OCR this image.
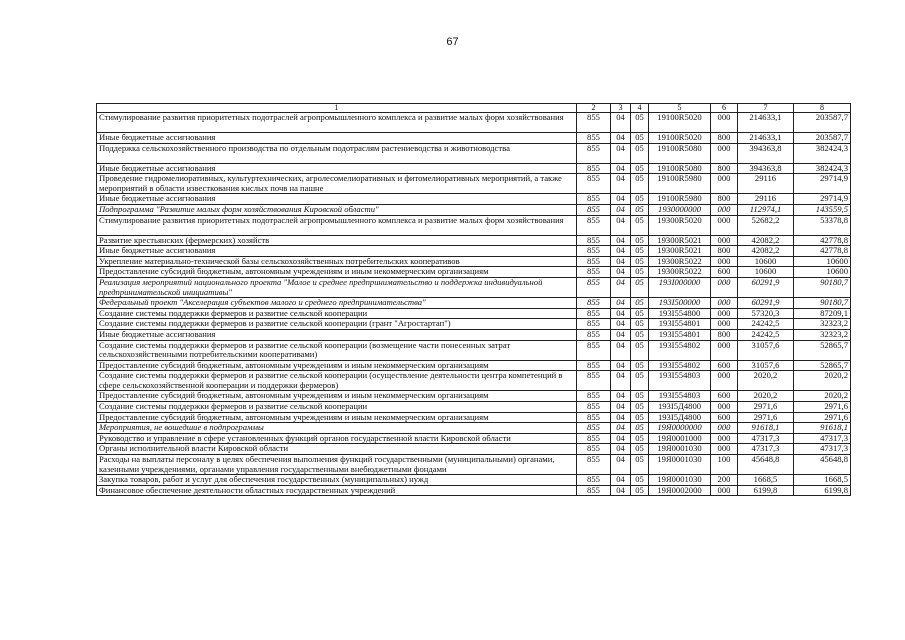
67
1	2	3	4	5	6	7	8
Стимулирование развития приоритетных подотраслей агропромышленного комплекса и развитие малых форм хозяйствования	855	04	05	19100R5020	000	214633,1	203587,7
Иные бюджетные ассигнования	855	04	05	19100R5020	800	214633,1	203587,7
Поддержка сельскохозяйственного производства по отдельным подотраслям растениеводства и животноводства	855	04	05	19100R5080	000	394363,8	382424,3
Иные бюджетные ассигнования	855	04	05	19100R5080	800	394363,8	382424,3
Проведение гидромелиоративных, культуртехнических, агролесомелиоративных и фитомелиоративных мероприятий, а также мероприятий в области известкования кислых почв на пашне	855	04	05	19100R5980	000	29116	29714,9
Иные бюджетные ассигнования	855	04	05	19100R5980	800	29116	29714,9
Подпрограмма "Развитие малых форм хозяйствования Кировской области"	855	04	05	1930000000	000	112974,1	143559,5
Стимулирование развития приоритетных подотраслей агропромышленного комплекса и развитие малых форм хозяйствования	855	04	05	19300R5020	000	52682,2	53378,8
Развитие крестьянских (фермерских) хозяйств	855	04	05	19300R5021	000	42082,2	42778,8
Иные бюджетные ассигнования	855	04	05	19300R5021	800	42082,2	42778,8
Укрепление материально-технической базы сельскохозяйственных потребительских кооперативов	855	04	05	19300R5022	000	10600	10600
Предоставление субсидий бюджетным, автономным учреждениям и иным некоммерческим организациям	855	04	05	19300R5022	600	10600	10600
Реализация мероприятий национального проекта "Малое и среднее предпринимательство и поддержка индивидуальной предпринимательской инициативы"	855	04	05	193I000000	000	60291,9	90180,7
Федеральный проект "Акселерация субъектов малого и среднего предпринимательства"	855	04	05	193I500000	000	60291,9	90180,7
Создание системы поддержки фермеров и развитие сельской кооперации	855	04	05	193I554800	000	57320,3	87209,1
Создание системы поддержки фермеров и развитие сельской кооперации (грант "Агростартап")	855	04	05	193I554801	000	24242,5	32323,2
Иные бюджетные ассигнования	855	04	05	193I554801	800	24242,5	32323,2
Создание системы поддержки фермеров и развитие сельской кооперации (возмещение части понесенных затрат сельскохозяйственными потребительскими кооперативами)	855	04	05	193I554802	000	31057,6	52865,7
Предоставление субсидий бюджетным, автономным учреждениям и иным некоммерческим организациям	855	04	05	193I554802	600	31057,6	52865,7
Создание системы поддержки фермеров и развитие сельской кооперации (осуществление деятельности центра компетенций в сфере сельскохозяйственной кооперации и поддержки фермеров)	855	04	05	193I554803	000	2020,2	2020,2
Предоставление субсидий бюджетным, автономным учреждениям и иным некоммерческим организациям	855	04	05	193I554803	600	2020,2	2020,2
Создание системы поддержки фермеров и развитие сельской кооперации	855	04	05	193I5Д4800	000	2971,6	2971,6
Предоставление субсидий бюджетным, автономным учреждениям и иным некоммерческим организациям	855	04	05	193I5Д4800	600	2971,6	2971,6
Мероприятия, не вошедшие в подпрограммы	855	04	05	19Я0000000	000	91618,1	91618,1
Руководство и управление в сфере установленных функций органов государственной власти Кировской области	855	04	05	19Я0001000	000	47317,3	47317,3
Органы исполнительной власти Кировской области	855	04	05	19Я0001030	000	47317,3	47317,3
Расходы на выплаты персоналу в целях обеспечения выполнения функций государственными (муниципальными) органами, казенными учреждениями, органами управления государственными внебюджетными фондами	855	04	05	19Я0001030	100	45648,8	45648,8
Закупка товаров, работ и услуг для обеспечения государственных (муниципальных) нужд	855	04	05	19Я0001030	200	1668,5	1668,5
Финансовое обеспечение деятельности областных государственных учреждений	855	04	05	19Я0002000	000	6199,8	6199,8
